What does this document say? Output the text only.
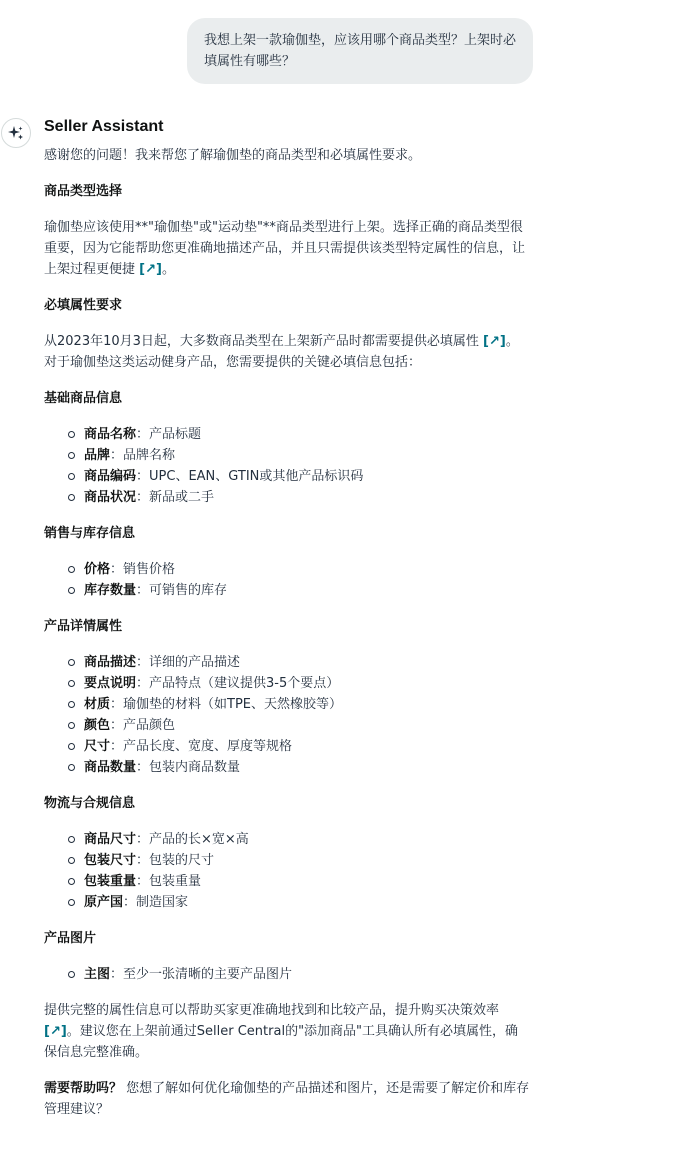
我想上架一款瑜伽垫，应该用哪个商品类型？上架时必填属性有哪些？
Seller Assistant

感谢您的问题！我来帮您了解瑜伽垫的商品类型和必填属性要求。

商品类型选择

瑜伽垫应该使用**"瑜伽垫"或"运动垫"**商品类型进行上架。选择正确的商品类型很重要，因为它能帮助您更准确地描述产品，并且只需提供该类型特定属性的信息，让上架过程更便捷 [↗]。

必填属性要求

从2023年10月3日起，大多数商品类型在上架新产品时都需要提供必填属性 [↗]。对于瑜伽垫这类运动健身产品，您需要提供的关键必填信息包括：

基础商品信息

商品名称：产品标题
品牌：品牌名称
商品编码：UPC、EAN、GTIN或其他产品标识码
商品状况：新品或二手

销售与库存信息

价格：销售价格
库存数量：可销售的库存

产品详情属性

商品描述：详细的产品描述
要点说明：产品特点（建议提供3-5个要点）
材质：瑜伽垫的材料（如TPE、天然橡胶等）
颜色：产品颜色
尺寸：产品长度、宽度、厚度等规格
商品数量：包装内商品数量

物流与合规信息

商品尺寸：产品的长×宽×高
包装尺寸：包装的尺寸
包装重量：包装重量
原产国：制造国家

产品图片

主图：至少一张清晰的主要产品图片

提供完整的属性信息可以帮助买家更准确地找到和比较产品，提升购买决策效率 [↗]。建议您在上架前通过Seller Central的"添加商品"工具确认所有必填属性，确保信息完整准确。

需要帮助吗？ 您想了解如何优化瑜伽垫的产品描述和图片，还是需要了解定价和库存管理建议？
